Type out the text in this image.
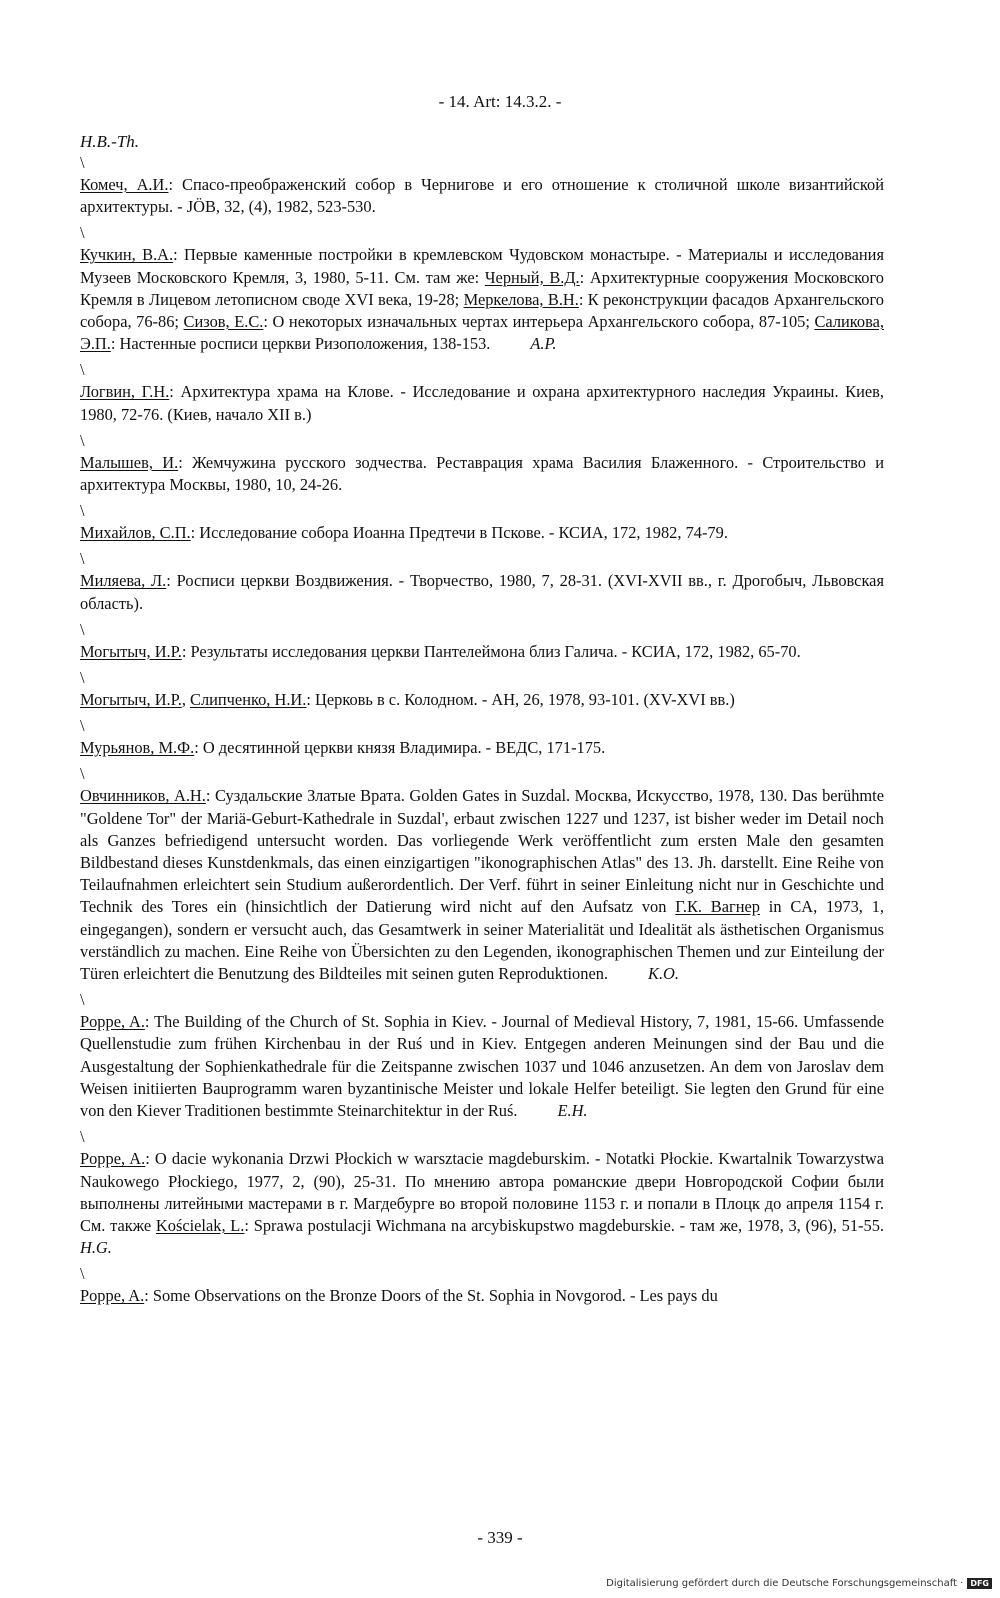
- 14. Art: 14.3.2. -
H.B.-Th.
\
Комеч, А.И.: Спасо-преображенский собор в Чернигове и его отношение к столичной школе византийской архитектуры. - JÖB, 32, (4), 1982, 523-530.
\
Кучкин, В.А.: Первые каменные постройки в кремлевском Чудовском монастыре. - Материалы и исследования Музеев Московского Кремля, 3, 1980, 5-11. См. там же: Черный, В.Д.: Архитектурные сооружения Московского Кремля в Лицевом летописном своде XVI века, 19-28; Меркелова, В.Н.: К реконструкции фасадов Архангельского собора, 76-86; Сизов, Е.С.: О некоторых изначальных чертах интерьера Архангельского собора, 87-105; Саликова, Э.П.: Настенные росписи церкви Ризоположения, 138-153. A.P.
\
Логвин, Г.Н.: Архитектура храма на Клове. - Исследование и охрана архитектурного наследия Украины. Киев, 1980, 72-76. (Киев, начало XII в.)
\
Малышев, И.: Жемчужина русского зодчества. Реставрация храма Василия Блаженного. - Строительство и архитектура Москвы, 1980, 10, 24-26.
\
Михайлов, С.П.: Исследование собора Иоанна Предтечи в Пскове. - КСИА, 172, 1982, 74-79.
\
Миляева, Л.: Росписи церкви Воздвижения. - Творчество, 1980, 7, 28-31. (XVI-XVII вв., г. Дрогобыч, Львовская область).
\
Могытыч, И.Р.: Результаты исследования церкви Пантелеймона близ Галича. - КСИА, 172, 1982, 65-70.
\
Могытыч, И.Р., Слипченко, Н.И.: Церковь в с. Колодном. - АН, 26, 1978, 93-101. (XV-XVI вв.)
\
Мурьянов, М.Ф.: О десятинной церкви князя Владимира. - ВЕДС, 171-175.
\
Овчинников, А.Н.: Суздальские Златые Врата. Golden Gates in Suzdal. Москва, Искусство, 1978, 130. Das berühmte "Goldene Tor" der Mariä-Geburt-Kathedrale in Suzdal', erbaut zwischen 1227 und 1237, ist bisher weder im Detail noch als Ganzes befriedigend untersucht worden. Das vorliegende Werk veröffentlicht zum ersten Male den gesamten Bildbestand dieses Kunstdenkmals, das einen einzigartigen "ikonographischen Atlas" des 13. Jh. darstellt. Eine Reihe von Teilaufnahmen erleichtert sein Studium außerordentlich. Der Verf. führt in seiner Einleitung nicht nur in Geschichte und Technik des Tores ein (hinsichtlich der Datierung wird nicht auf den Aufsatz von Г.К. Вагнер in CA, 1973, 1, eingegangen), sondern er versucht auch, das Gesamtwerk in seiner Materialität und Idealität als ästhetischen Organismus verständlich zu machen. Eine Reihe von Übersichten zu den Legenden, ikonographischen Themen und zur Einteilung der Türen erleichtert die Benutzung des Bildteiles mit seinen guten Reproduktionen. K.O.
\
Poppe, A.: The Building of the Church of St. Sophia in Kiev. - Journal of Medieval History, 7, 1981, 15-66. Umfassende Quellenstudie zum frühen Kirchenbau in der Ruś und in Kiev. Entgegen anderen Meinungen sind der Bau und die Ausgestaltung der Sophienkathedrale für die Zeitspanne zwischen 1037 und 1046 anzusetzen. An dem von Jaroslav dem Weisen initiierten Bauprogramm waren byzantinische Meister und lokale Helfer beteiligt. Sie legten den Grund für eine von den Kiever Traditionen bestimmte Steinarchitektur in der Ruś. E.H.
\
Poppe, A.: O dacie wykonania Drzwi Płockich w warsztacie magdeburskim. - Notatki Płockie. Kwartalnik Towarzystwa Naukowego Płockiego, 1977, 2, (90), 25-31. По мнению автора романские двери Новгородской Софии были выполнены литейными мастерами в г. Магдебурге во второй половине 1153 г. и попали в Плоцк до апреля 1154 г. См. также Kościelak, L.: Sprawa postulacji Wichmana na arcybiskupstwo magdeburskie. - там же, 1978, 3, (96), 51-55. H.G.
\
Poppe, A.: Some Observations on the Bronze Doors of the St. Sophia in Novgorod. - Les pays du
- 339 -
Digitalisierung gefördert durch die Deutsche Forschungsgemeinschaft · DFG
